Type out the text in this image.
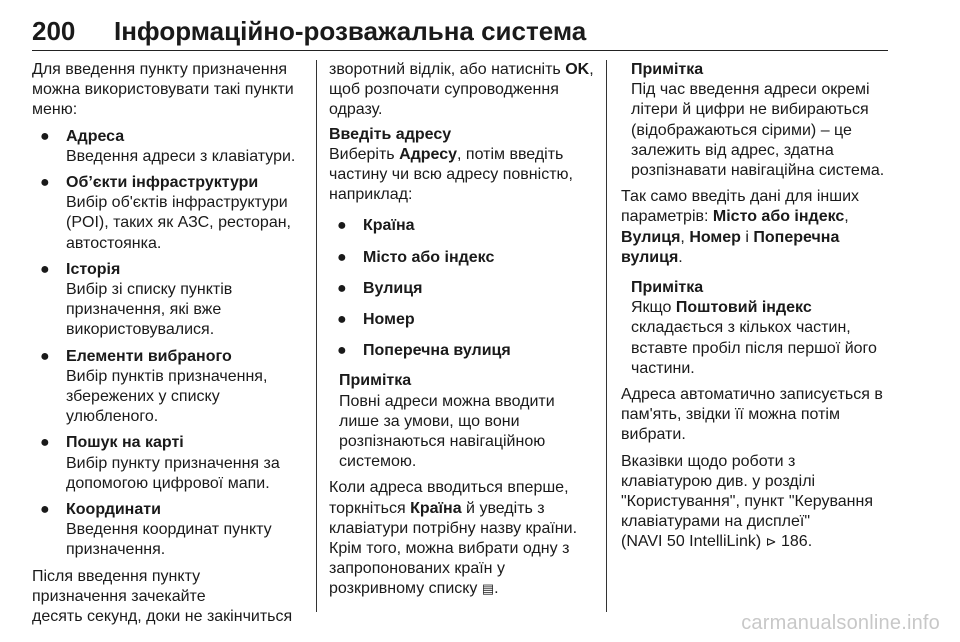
200 Інформаційно-розважальна система

Для введення пункту призначення
можна використовувати такі пункти
меню:

● Адреса
Введення адреси з клавіатури.
● Об’єкти інфраструктури
Вибір об'єктів інфраструктури
(POI), таких як АЗС, ресторан,
автостоянка.
● Історія
Вибір зі списку пунктів
призначення, які вже
використовувалися.
● Елементи вибраного
Вибір пунктів призначення,
збережених у списку
улюбленого.
● Пошук на карті
Вибір пункту призначення за
допомогою цифрової мапи.
● Координати
Введення координат пункту
призначення.

Після введення пункту
призначення зачекайте
десять секунд, доки не закінчиться

зворотний відлік, або натисніть OK,
щоб розпочати супроводження
одразу.

Введіть адресу

Виберіть Адресу, потім введіть
частину чи всю адресу повністю,
наприклад:

● Країна
● Місто або індекс
● Вулиця
● Номер
● Поперечна вулиця
Примітка
Повні адреси можна вводити
лише за умови, що вони
розпізнаються навігаційною
системою.

Коли адреса вводиться вперше,
торкніться Країна й уведіть з
клавіатури потрібну назву країни.
Крім того, можна вибрати одну з
запропонованих країн у
розкривному списку ▤.

Примітка
Під час введення адреси окремі
літери й цифри не вибираються
(відображаються сірими) – це
залежить від адрес, здатна
розпізнавати навігаційна система.

Так само введіть дані для інших
параметрів: Місто або індекс,
Вулиця, Номер і Поперечна
вулиця.

Примітка
Якщо Поштовий індекс
складається з кількох частин,
вставте пробіл після першої його
частини.

Адреса автоматично записується в
пам'ять, звідки її можна потім
вибрати.

Вказівки щодо роботи з
клавіатурою див. у розділі
"Користування", пункт "Керування
клавіатурами на дисплеї"
(NAVI 50 IntelliLink) ⊳ 186.

carmanualsonline.info
